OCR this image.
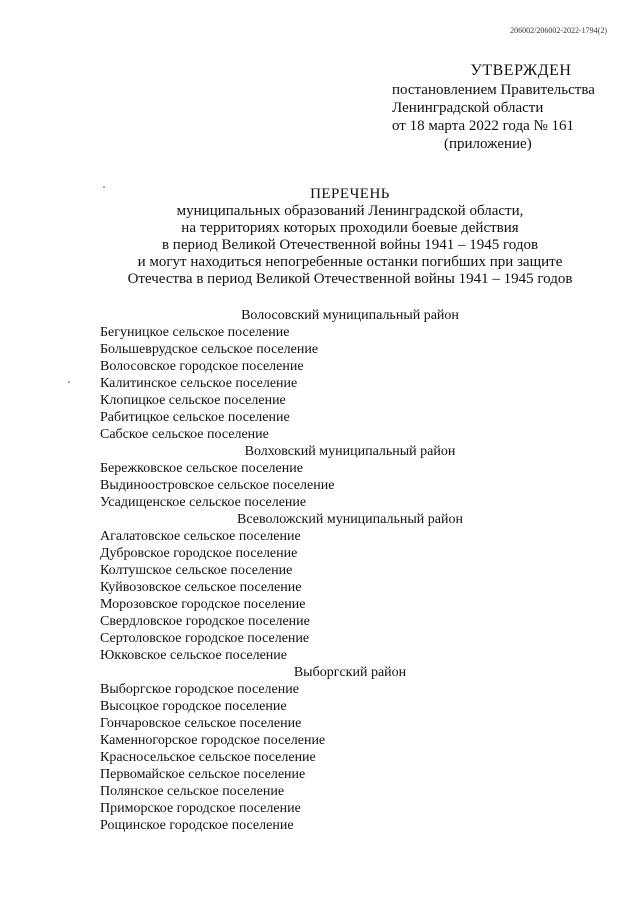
206002/206002-2022-1794(2)
УТВЕРЖДЕН
постановлением Правительства
Ленинградской области
от 18 марта 2022 года № 161
(приложение)
ПЕРЕЧЕНЬ
муниципальных образований Ленинградской области,
на территориях которых проходили боевые действия
в период Великой Отечественной войны 1941 – 1945 годов
и могут находиться непогребенные останки погибших при защите
Отечества в период Великой Отечественной войны 1941 – 1945 годов
Волосовский муниципальный район
Бегуницкое сельское поселение
Большеврудское сельское поселение
Волосовское городское поселение
Калитинское сельское поселение
Клопицкое сельское поселение
Рабитицкое сельское поселение
Сабское сельское поселение
Волховский муниципальный район
Бережковское сельское поселение
Выдиноостровское сельское поселение
Усадищенское сельское поселение
Всеволожский муниципальный район
Агалатовское сельское поселение
Дубровское городское поселение
Колтушское сельское поселение
Куйвозовское сельское поселение
Морозовское городское поселение
Свердловское городское поселение
Сертоловское городское поселение
Юкковское сельское поселение
Выборгский район
Выборгское городское поселение
Высоцкое городское поселение
Гончаровское сельское поселение
Каменногорское городское поселение
Красносельское сельское поселение
Первомайское сельское поселение
Полянское сельское поселение
Приморское городское поселение
Рощинское городское поселение
